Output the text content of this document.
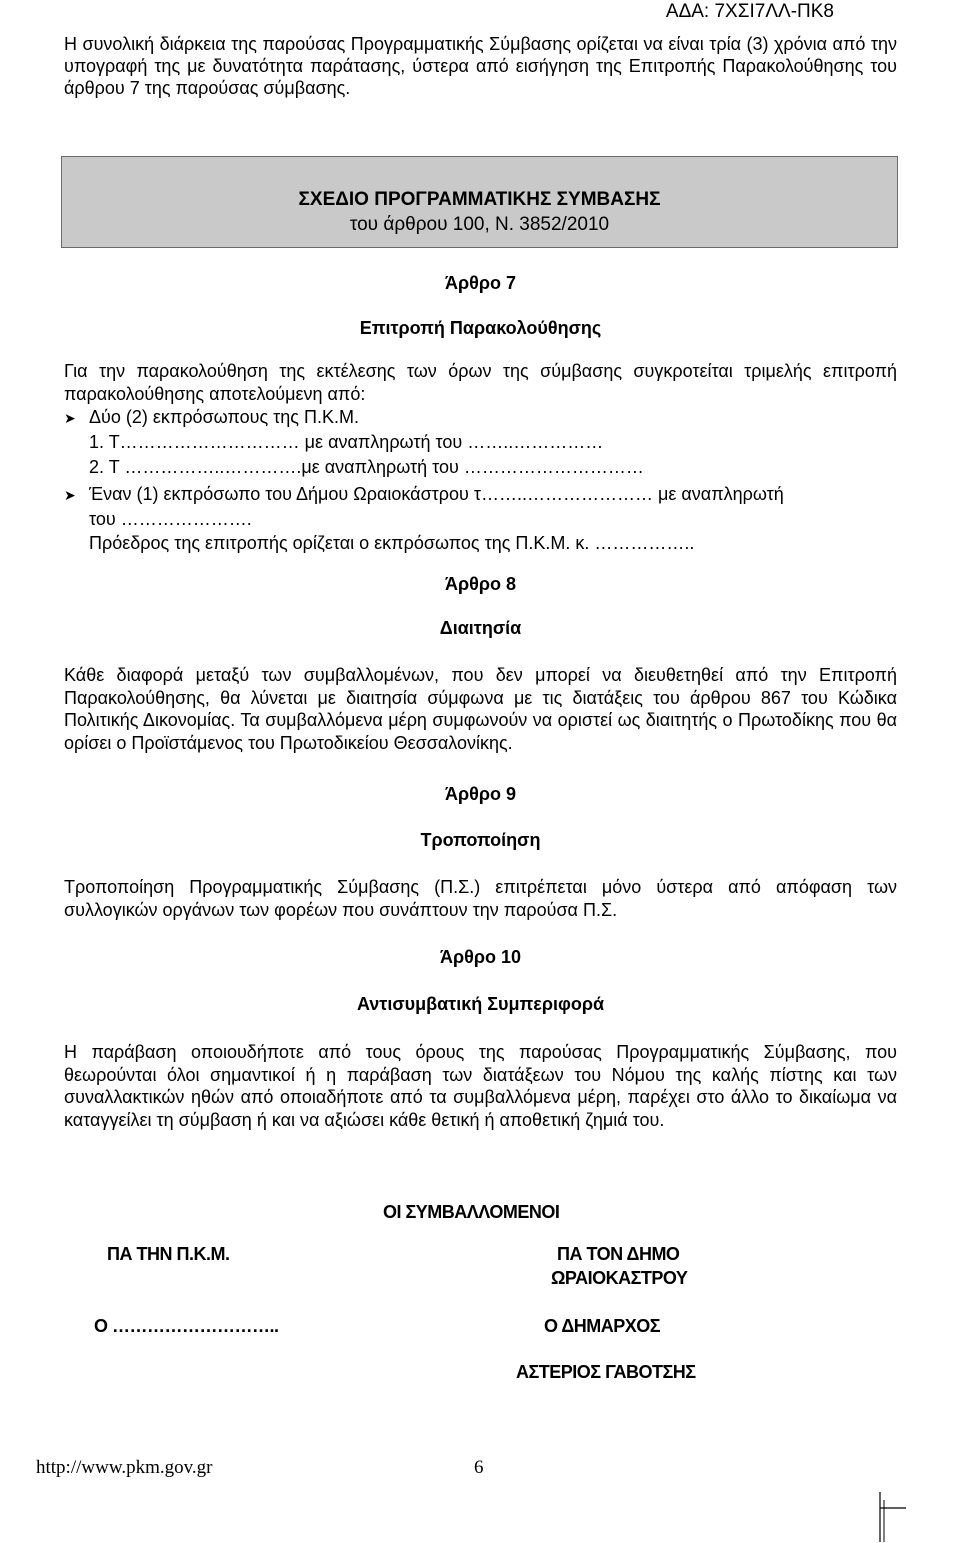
ΑΔΑ: 7ΧΣΙ7ΛΛ-ΠΚ8
Η συνολική διάρκεια της παρούσας Προγραμματικής Σύμβασης ορίζεται να είναι τρία (3) χρόνια από την υπογραφή της με δυνατότητα παράτασης, ύστερα από εισήγηση της Επιτροπής Παρακολούθησης του άρθρου 7 της παρούσας σύμβασης.
ΣΧΕΔΙΟ ΠΡΟΓΡΑΜΜΑΤΙΚΗΣ ΣΥΜΒΑΣΗΣ
του άρθρου 100, Ν. 3852/2010
Άρθρο 7
Επιτροπή Παρακολούθησης
Για την παρακολούθηση της εκτέλεσης των όρων της σύμβασης συγκροτείται τριμελής επιτροπή παρακολούθησης αποτελούμενη από:
➤ Δύο (2) εκπρόσωπους της Π.Κ.Μ.
1. Τ………………………… με αναπληρωτή του ……..……………
2. Τ ……………..………….με αναπληρωτή του …………………………
➤ Έναν (1) εκπρόσωπο του Δήμου Ωραιοκάστρου τ……..………………… με αναπληρωτή
του ………………….
Πρόεδρος της επιτροπής ορίζεται ο εκπρόσωπος της Π.Κ.Μ. κ. ……………..
Άρθρο 8
Διαιτησία
Κάθε διαφορά μεταξύ των συμβαλλομένων, που δεν μπορεί να διευθετηθεί από την Επιτροπή Παρακολούθησης, θα λύνεται με διαιτησία σύμφωνα με τις διατάξεις του άρθρου 867 του Κώδικα Πολιτικής Δικονομίας. Τα συμβαλλόμενα μέρη συμφωνούν να οριστεί ως διαιτητής ο Πρωτοδίκης που θα ορίσει ο Προϊστάμενος του Πρωτοδικείου Θεσσαλονίκης.
Άρθρο 9
Τροποποίηση
Τροποποίηση Προγραμματικής Σύμβασης (Π.Σ.) επιτρέπεται μόνο ύστερα από απόφαση των συλλογικών οργάνων των φορέων που συνάπτουν την παρούσα Π.Σ.
Άρθρο 10
Αντισυμβατική Συμπεριφορά
Η παράβαση οποιουδήποτε από τους όρους της παρούσας Προγραμματικής Σύμβασης, που θεωρούνται όλοι σημαντικοί ή η παράβαση των διατάξεων του Νόμου της καλής πίστης και των συναλλακτικών ηθών από οποιαδήποτε από τα συμβαλλόμενα μέρη, παρέχει στο άλλο το δικαίωμα να καταγγείλει τη σύμβαση ή και να αξιώσει κάθε θετική ή αποθετική ζημιά του.
ΟΙ ΣΥΜΒΑΛΛΟΜΕΝΟΙ
ΠΑ ΤΗΝ Π.Κ.Μ.	ΠΑ ΤΟΝ ΔΗΜΟ
ΩΡΑΙΟΚΑΣΤΡΟΥ
Ο ………………………..	Ο ΔΗΜΑΡΧΟΣ
ΑΣΤΕΡΙΟΣ ΓΑΒΟΤΣΗΣ
http://www.pkm.gov.gr	6
